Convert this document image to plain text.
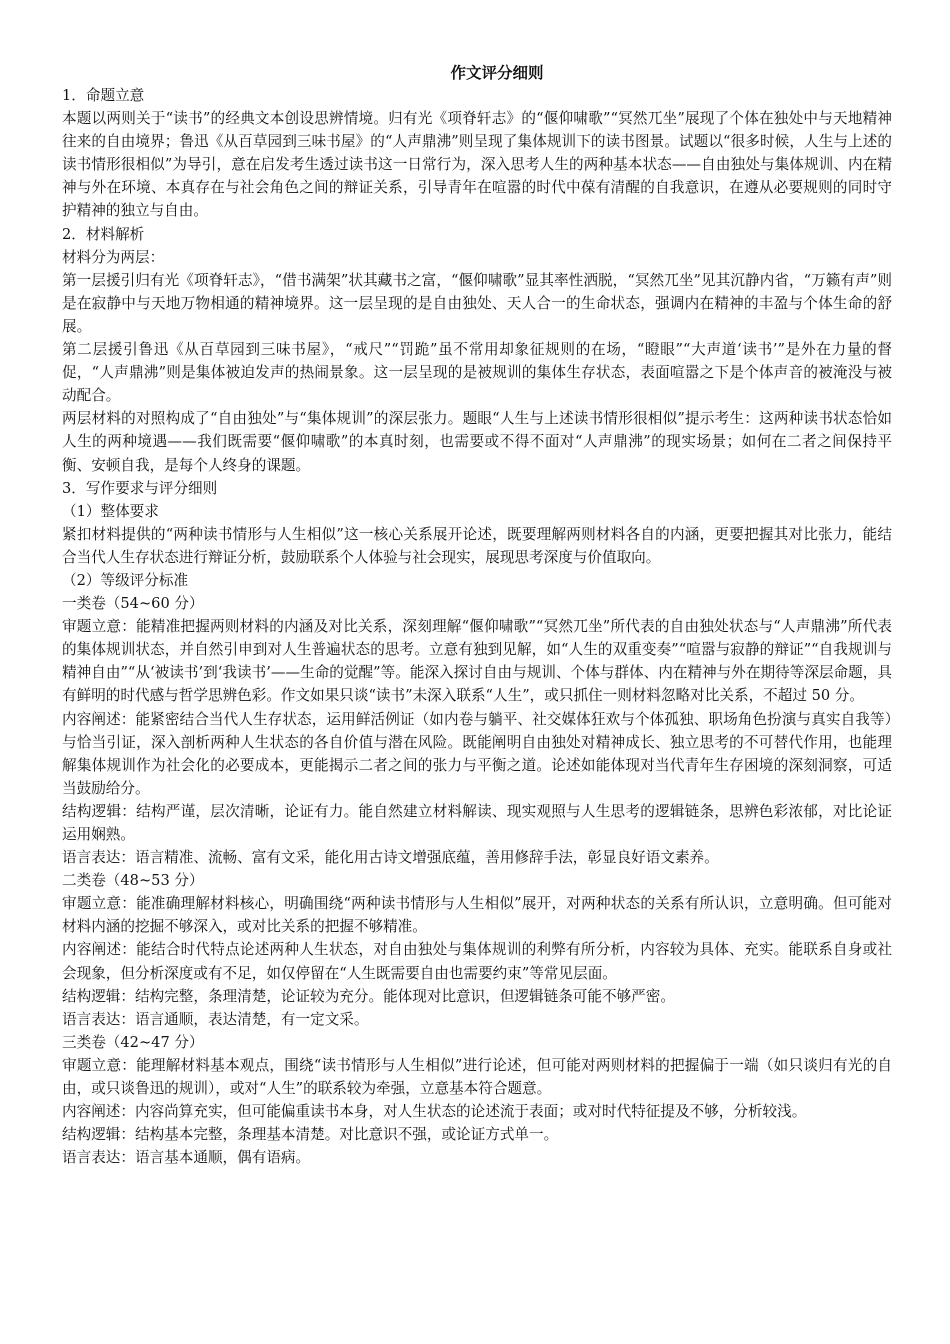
作文评分细则
1．命题立意
本题以两则关于“读书”的经典文本创设思辨情境。归有光《项脊轩志》的“偃仰啸歌”“冥然兀坐”展现了个体在独处中与天地精神往来的自由境界；鲁迅《从百草园到三味书屋》的“人声鼎沸”则呈现了集体规训下的读书图景。试题以“很多时候，人生与上述的读书情形很相似”为导引，意在启发考生透过读书这一日常行为，深入思考人生的两种基本状态——自由独处与集体规训、内在精神与外在环境、本真存在与社会角色之间的辩证关系，引导青年在喧嚣的时代中葆有清醒的自我意识，在遵从必要规则的同时守护精神的独立与自由。
2．材料解析
材料分为两层：
第一层援引归有光《项脊轩志》，“借书满架”状其藏书之富，“偃仰啸歌”显其率性洒脱，“冥然兀坐”见其沉静内省，“万籁有声”则是在寂静中与天地万物相通的精神境界。这一层呈现的是自由独处、天人合一的生命状态，强调内在精神的丰盈与个体生命的舒展。
第二层援引鲁迅《从百草园到三味书屋》，“戒尺”“罚跪”虽不常用却象征规则的在场，“瞪眼”“大声道‘读书’”是外在力量的督促，“人声鼎沸”则是集体被迫发声的热闹景象。这一层呈现的是被规训的集体生存状态，表面喧嚣之下是个体声音的被淹没与被动配合。
两层材料的对照构成了“自由独处”与“集体规训”的深层张力。题眼“人生与上述读书情形很相似”提示考生：这两种读书状态恰如人生的两种境遇——我们既需要“偃仰啸歌”的本真时刻，也需要或不得不面对“人声鼎沸”的现实场景；如何在二者之间保持平衡、安顿自我，是每个人终身的课题。
3．写作要求与评分细则
（1）整体要求
紧扣材料提供的“两种读书情形与人生相似”这一核心关系展开论述，既要理解两则材料各自的内涵，更要把握其对比张力，能结合当代人生存状态进行辩证分析，鼓励联系个人体验与社会现实，展现思考深度与价值取向。
（2）等级评分标准
一类卷（54~60 分）
审题立意：能精准把握两则材料的内涵及对比关系，深刻理解“偃仰啸歌”“冥然兀坐”所代表的自由独处状态与“人声鼎沸”所代表的集体规训状态，并自然引申到对人生普遍状态的思考。立意有独到见解，如“人生的双重变奏”“喧嚣与寂静的辩证”“自我规训与精神自由”“从‘被读书’到‘我读书’——生命的觉醒”等。能深入探讨自由与规训、个体与群体、内在精神与外在期待等深层命题，具有鲜明的时代感与哲学思辨色彩。作文如果只谈“读书”未深入联系“人生”，或只抓住一则材料忽略对比关系，不超过 50 分。
内容阐述：能紧密结合当代人生存状态，运用鲜活例证（如内卷与躺平、社交媒体狂欢与个体孤独、职场角色扮演与真实自我等）与恰当引证，深入剖析两种人生状态的各自价值与潜在风险。既能阐明自由独处对精神成长、独立思考的不可替代作用，也能理解集体规训作为社会化的必要成本，更能揭示二者之间的张力与平衡之道。论述如能体现对当代青年生存困境的深刻洞察，可适当鼓励给分。
结构逻辑：结构严谨，层次清晰，论证有力。能自然建立材料解读、现实观照与人生思考的逻辑链条，思辨色彩浓郁，对比论证运用娴熟。
语言表达：语言精准、流畅、富有文采，能化用古诗文增强底蕴，善用修辞手法，彰显良好语文素养。
二类卷（48~53 分）
审题立意：能准确理解材料核心，明确围绕“两种读书情形与人生相似”展开，对两种状态的关系有所认识，立意明确。但可能对材料内涵的挖掘不够深入，或对比关系的把握不够精准。
内容阐述：能结合时代特点论述两种人生状态，对自由独处与集体规训的利弊有所分析，内容较为具体、充实。能联系自身或社会现象，但分析深度或有不足，如仅停留在“人生既需要自由也需要约束”等常见层面。
结构逻辑：结构完整，条理清楚，论证较为充分。能体现对比意识，但逻辑链条可能不够严密。
语言表达：语言通顺，表达清楚，有一定文采。
三类卷（42~47 分）
审题立意：能理解材料基本观点，围绕“读书情形与人生相似”进行论述，但可能对两则材料的把握偏于一端（如只谈归有光的自由，或只谈鲁迅的规训），或对“人生”的联系较为牵强，立意基本符合题意。
内容阐述：内容尚算充实，但可能偏重读书本身，对人生状态的论述流于表面；或对时代特征提及不够，分析较浅。
结构逻辑：结构基本完整，条理基本清楚。对比意识不强，或论证方式单一。
语言表达：语言基本通顺，偶有语病。
